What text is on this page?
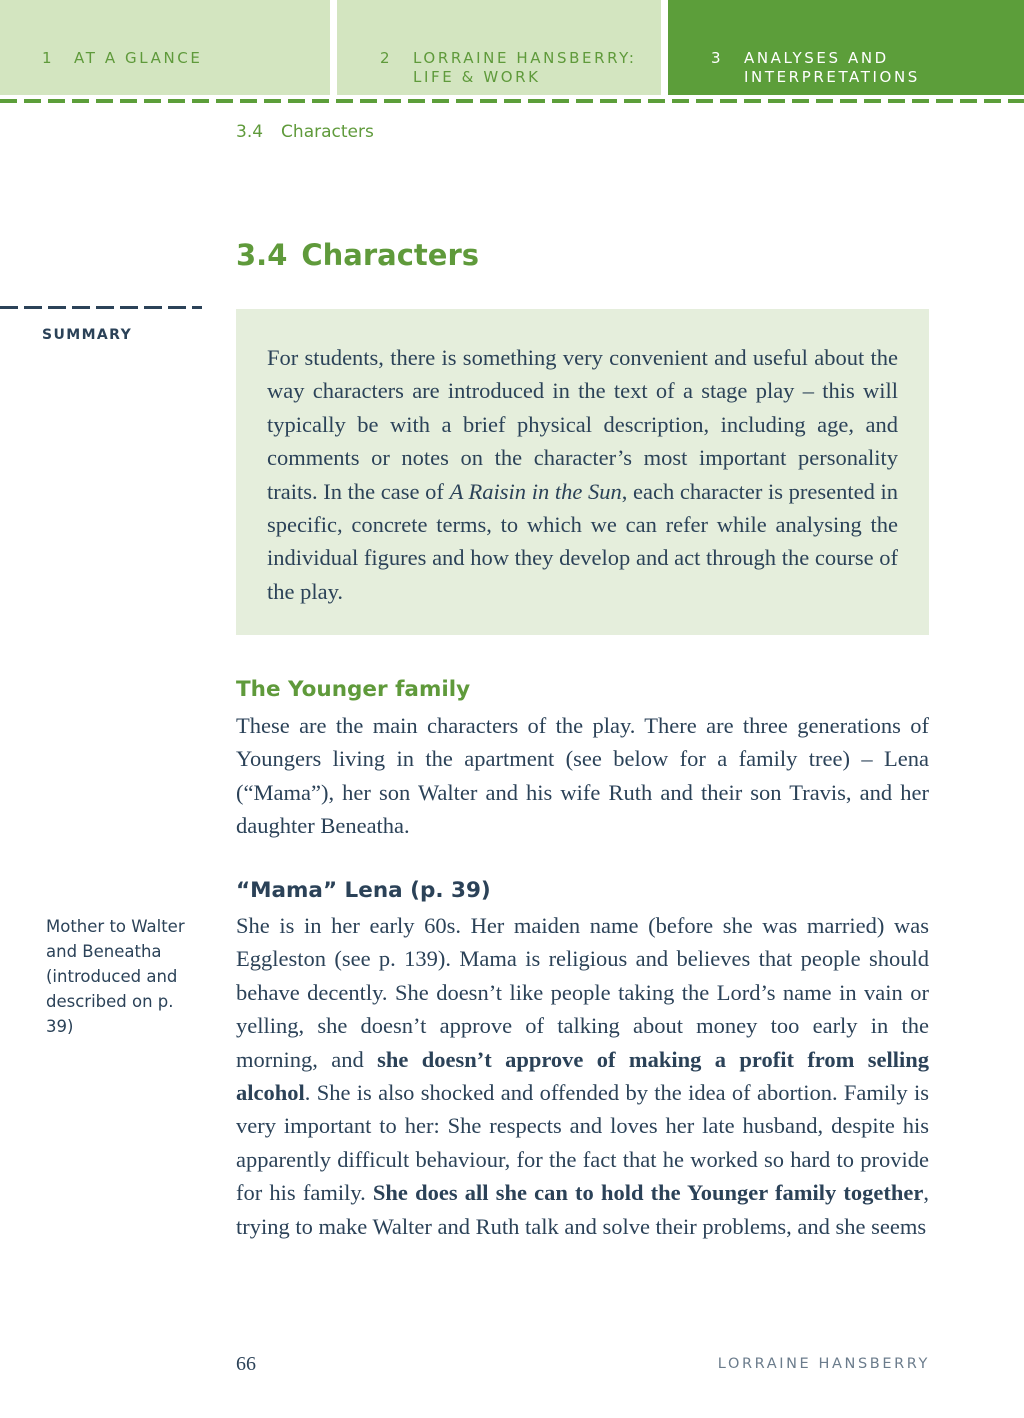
1 AT A GLANCE	2 LORRAINE HANSBERRY:
LIFE & WORK
3 ANALYSES AND
INTERPRETATIONS
3.4 Characters
3.4 Characters
SUMMARY

For students, there is something very convenient and useful about the way characters are introduced in the text of a stage play – this will typically be with a brief physical description, including age, and comments or notes on the character’s most important personality traits. In the case of A Raisin in the Sun, each character is presented in specific, concrete terms, to which we can refer while analysing the individual figures and how they develop and act through the course of the play.

The Younger family

These are the main characters of the play. There are three generations of Youngers living in the apartment (see below for a family tree) – Lena (“Mama”), her son Walter and his wife Ruth and their son Travis, and her daughter Beneatha.

“Mama” Lena (p. 39)

Mother to Walter and Beneatha (introduced and described on p. 39)

She is in her early 60s. Her maiden name (before she was married) was Eggleston (see p. 139). Mama is religious and believes that people should behave decently. She doesn’t like people taking the Lord’s name in vain or yelling, she doesn’t approve of talking about money too early in the morning, and she doesn’t approve of making a profit from selling alcohol. She is also shocked and offended by the idea of abortion. Family is very important to her: She respects and loves her late husband, despite his apparently difficult behaviour, for the fact that he worked so hard to provide for his family. She does all she can to hold the Younger family together, trying to make Walter and Ruth talk and solve their problems, and she seems

66	LORRAINE HANSBERRY
